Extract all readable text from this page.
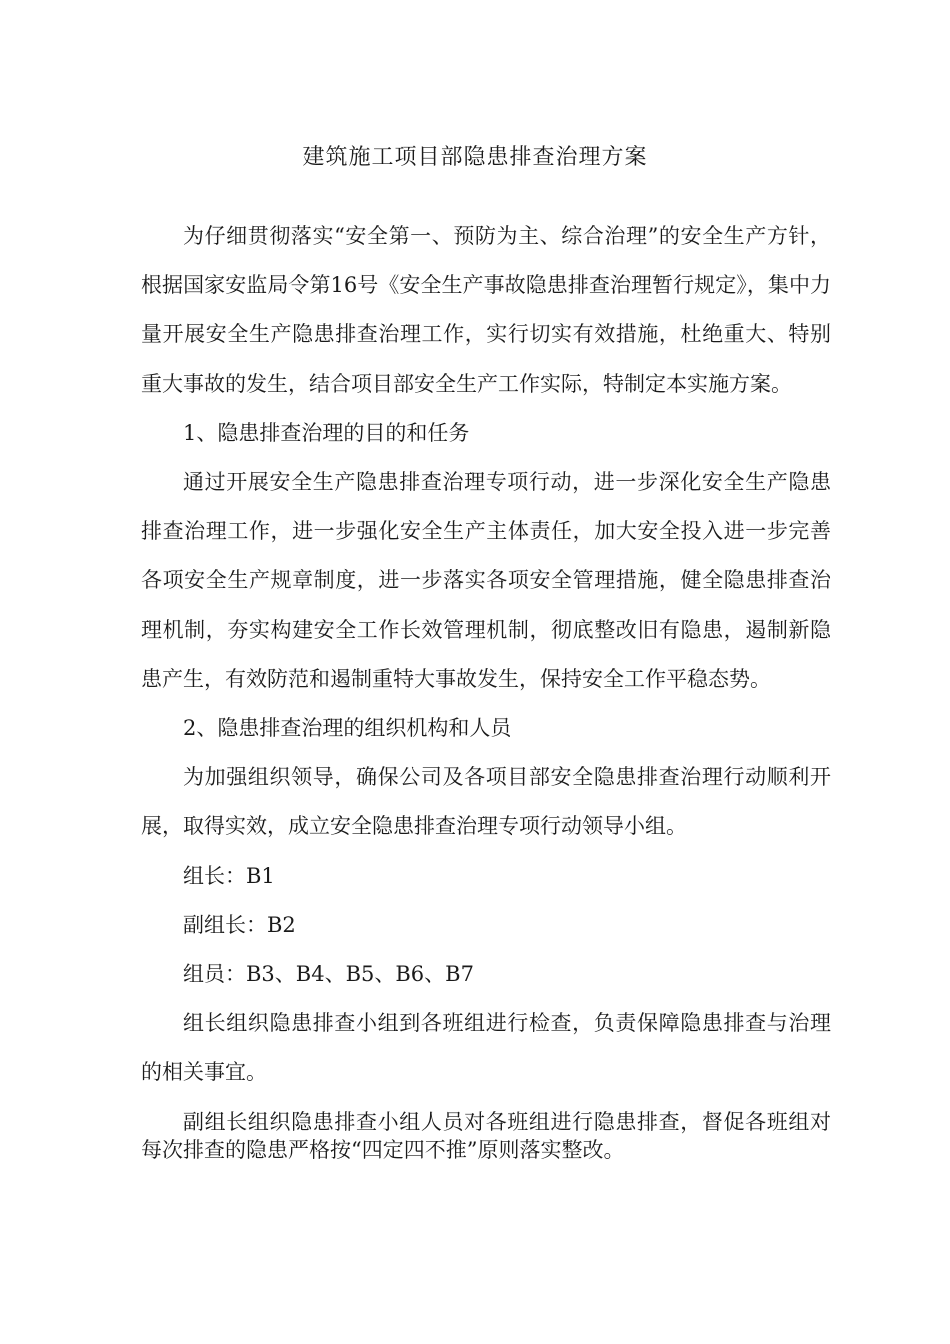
建筑施工项目部隐患排查治理方案

为仔细贯彻落实“安全第一、预防为主、综合治理”的安全生产方针，根据国家安监局令第16号《安全生产事故隐患排查治理暂行规定》，集中力量开展安全生产隐患排查治理工作，实行切实有效措施，杜绝重大、特别重大事故的发生，结合项目部安全生产工作实际，特制定本实施方案。

1、隐患排查治理的目的和任务

通过开展安全生产隐患排查治理专项行动，进一步深化安全生产隐患排查治理工作，进一步强化安全生产主体责任，加大安全投入进一步完善各项安全生产规章制度，进一步落实各项安全管理措施，健全隐患排查治理机制，夯实构建安全工作长效管理机制，彻底整改旧有隐患，遏制新隐患产生，有效防范和遏制重特大事故发生，保持安全工作平稳态势。

2、隐患排查治理的组织机构和人员

为加强组织领导，确保公司及各项目部安全隐患排查治理行动顺利开展，取得实效，成立安全隐患排查治理专项行动领导小组。

组长：B1

副组长：B2

组员：B3、B4、B5、B6、B7

组长组织隐患排查小组到各班组进行检查，负责保障隐患排查与治理的相关事宜。

副组长组织隐患排查小组人员对各班组进行隐患排查，督促各班组对每次排查的隐患严格按“四定四不推”原则落实整改。
